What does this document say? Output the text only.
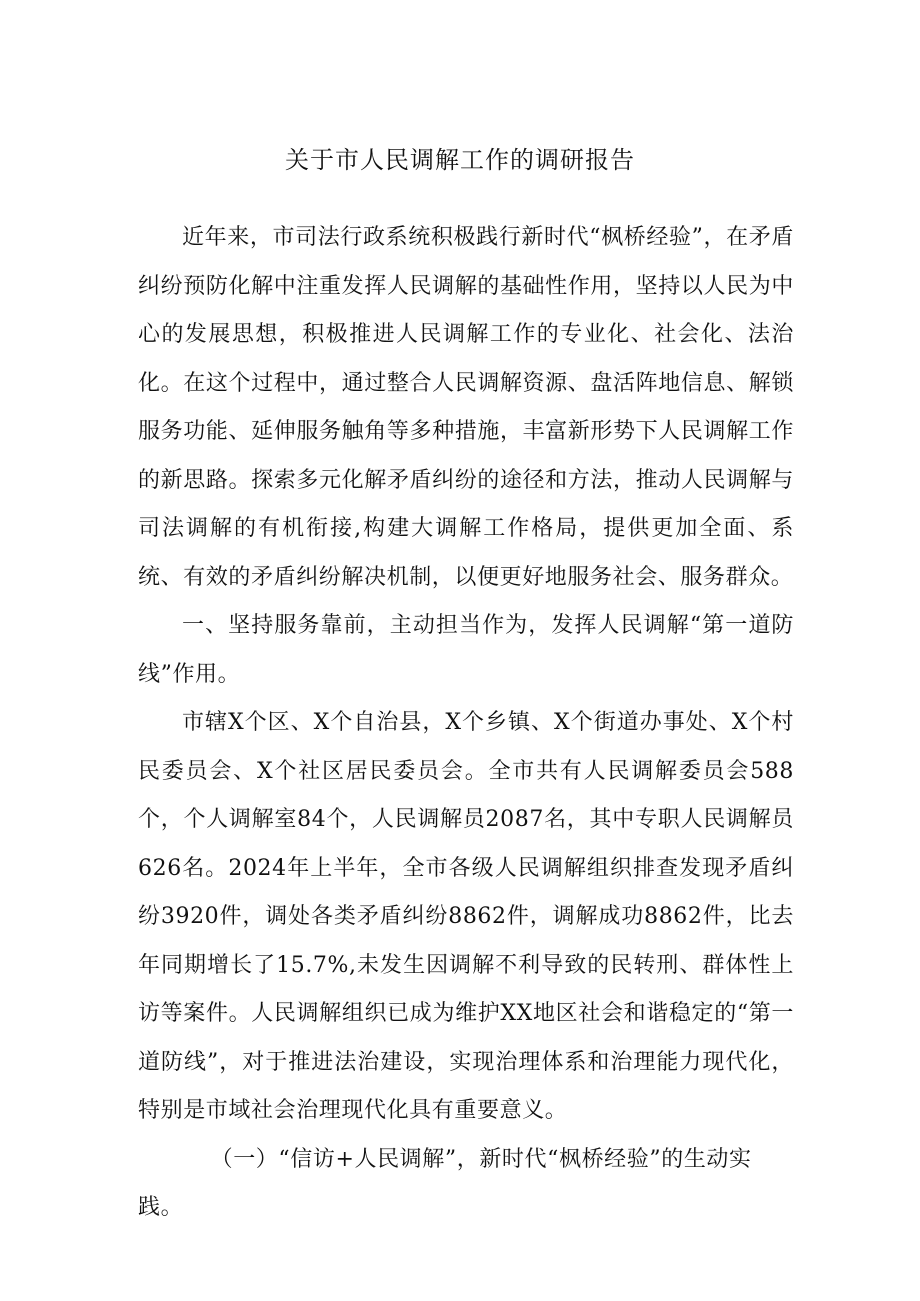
关于市人民调解工作的调研报告

近年来，市司法行政系统积极践行新时代“枫桥经验”，在矛盾纠纷预防化解中注重发挥人民调解的基础性作用，坚持以人民为中心的发展思想，积极推进人民调解工作的专业化、社会化、法治化。在这个过程中，通过整合人民调解资源、盘活阵地信息、解锁服务功能、延伸服务触角等多种措施，丰富新形势下人民调解工作的新思路。探索多元化解矛盾纠纷的途径和方法，推动人民调解与司法调解的有机衔接,构建大调解工作格局，提供更加全面、系统、有效的矛盾纠纷解决机制，以便更好地服务社会、服务群众。

一、坚持服务靠前，主动担当作为，发挥人民调解“第一道防线”作用。

市辖X个区、X个自治县，X个乡镇、X个街道办事处、X个村民委员会、X个社区居民委员会。全市共有人民调解委员会588个，个人调解室84个，人民调解员2087名，其中专职人民调解员626名。2024年上半年，全市各级人民调解组织排查发现矛盾纠纷3920件，调处各类矛盾纠纷8862件，调解成功8862件，比去年同期增长了15.7%,未发生因调解不利导致的民转刑、群体性上访等案件。人民调解组织已成为维护XX地区社会和谐稳定的“第一道防线”，对于推进法治建设，实现治理体系和治理能力现代化，特别是市域社会治理现代化具有重要意义。

（一）“信访+人民调解”，新时代“枫桥经验”的生动实践。
